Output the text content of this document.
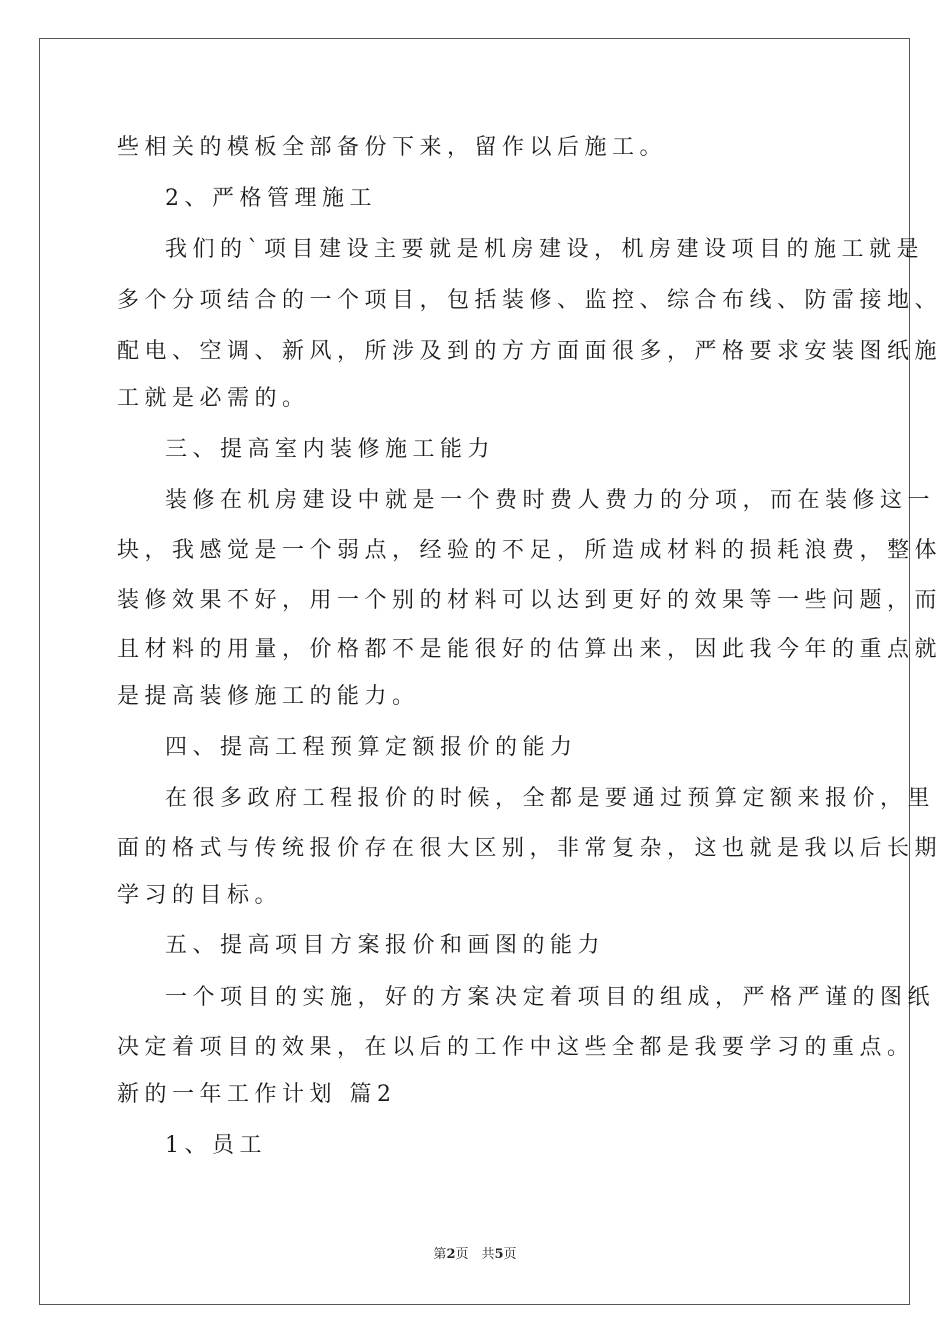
些相关的模板全部备份下来，留作以后施工。
2、严格管理施工
我们的`项目建设主要就是机房建设，机房建设项目的施工就是
多个分项结合的一个项目，包括装修、监控、综合布线、防雷接地、
配电、空调、新风，所涉及到的方方面面很多，严格要求安装图纸施
工就是必需的。
三、提高室内装修施工能力
装修在机房建设中就是一个费时费人费力的分项，而在装修这一
块，我感觉是一个弱点，经验的不足，所造成材料的损耗浪费，整体
装修效果不好，用一个别的材料可以达到更好的效果等一些问题，而
且材料的用量，价格都不是能很好的估算出来，因此我今年的重点就
是提高装修施工的能力。
四、提高工程预算定额报价的能力
在很多政府工程报价的时候，全都是要通过预算定额来报价，里
面的格式与传统报价存在很大区别，非常复杂，这也就是我以后长期
学习的目标。
五、提高项目方案报价和画图的能力
一个项目的实施，好的方案决定着项目的组成，严格严谨的图纸
决定着项目的效果，在以后的工作中这些全都是我要学习的重点。
新的一年工作计划 篇2
1、员工
第2页　共5页
